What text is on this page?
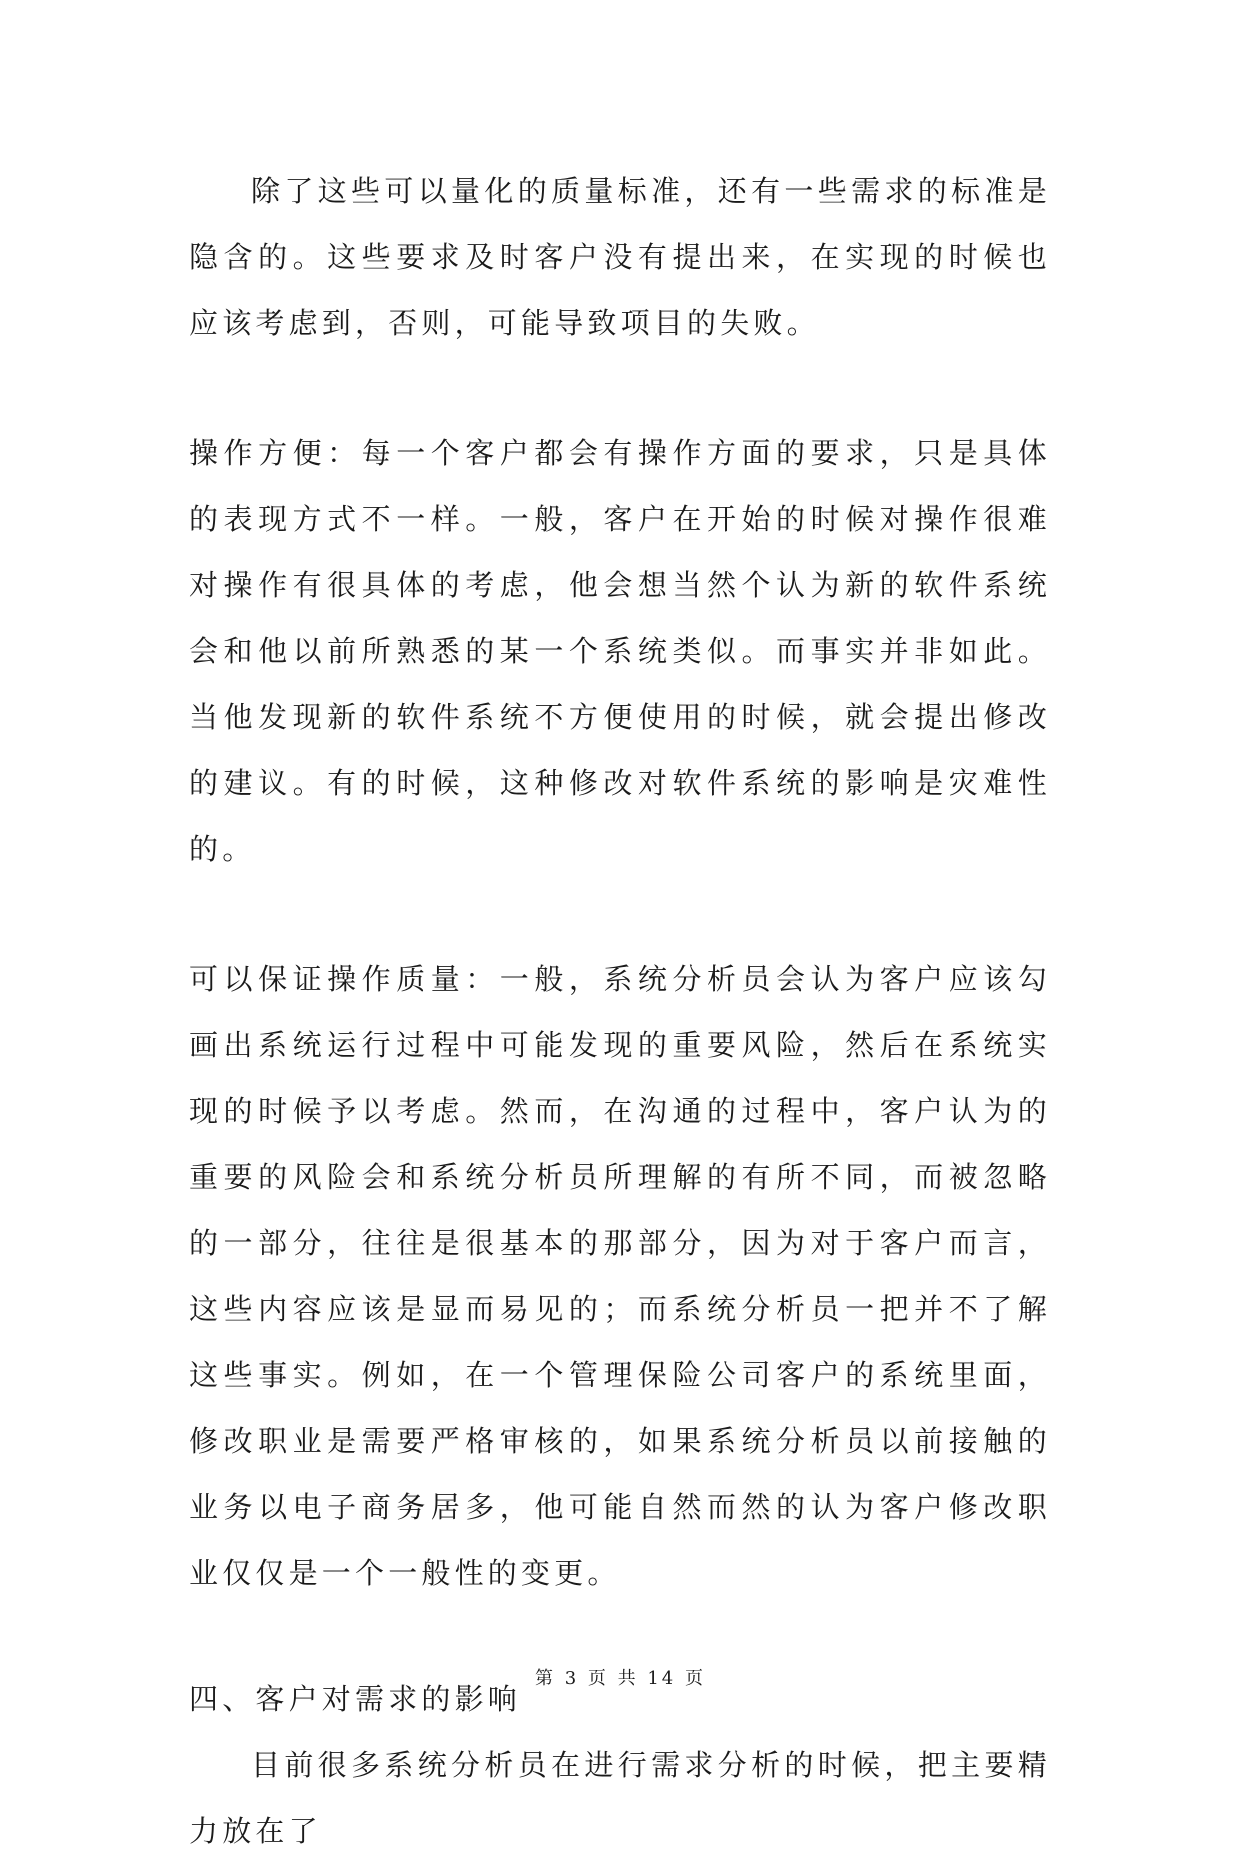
除了这些可以量化的质量标准，还有一些需求的标准是隐含的。这些要求及时客户没有提出来，在实现的时候也应该考虑到，否则，可能导致项目的失败。

操作方便：每一个客户都会有操作方面的要求，只是具体的表现方式不一样。一般，客户在开始的时候对操作很难对操作有很具体的考虑，他会想当然个认为新的软件系统会和他以前所熟悉的某一个系统类似。而事实并非如此。当他发现新的软件系统不方便使用的时候，就会提出修改的建议。有的时候，这种修改对软件系统的影响是灾难性的。

可以保证操作质量：一般，系统分析员会认为客户应该勾画出系统运行过程中可能发现的重要风险，然后在系统实现的时候予以考虑。然而，在沟通的过程中，客户认为的重要的风险会和系统分析员所理解的有所不同，而被忽略的一部分，往往是很基本的那部分，因为对于客户而言，这些内容应该是显而易见的；而系统分析员一把并不了解这些事实。例如，在一个管理保险公司客户的系统里面，修改职业是需要严格审核的，如果系统分析员以前接触的业务以电子商务居多，他可能自然而然的认为客户修改职业仅仅是一个一般性的变更。

四、客户对需求的影响

目前很多系统分析员在进行需求分析的时候，把主要精力放在了

第 3 页 共 14 页
